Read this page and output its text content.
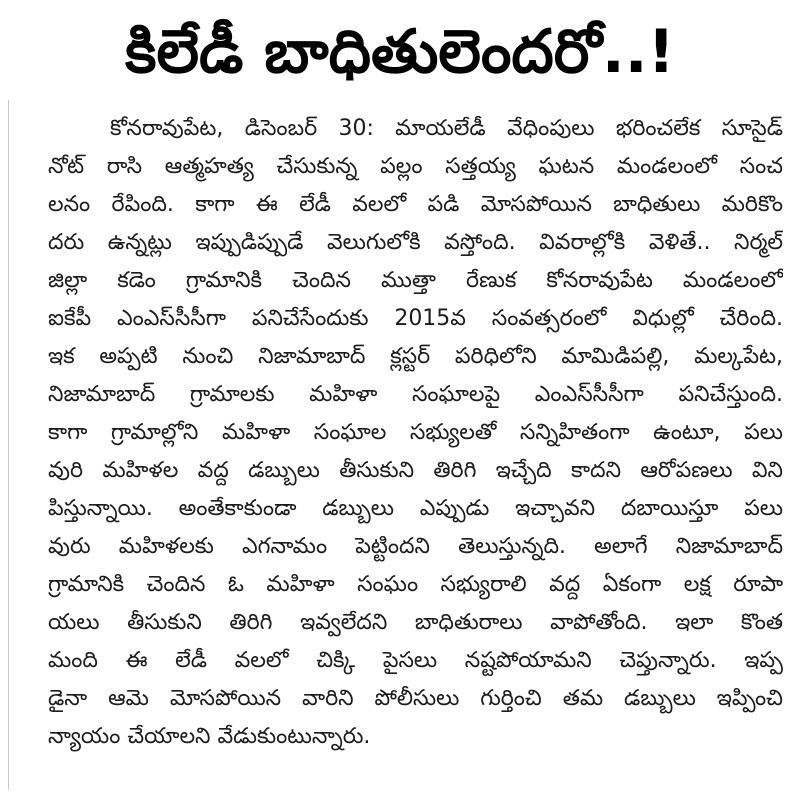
కిలేడీ బాధితులెందరో..!
కోనరావుపేట, డిసెంబర్ 30: మాయలేడీ వేధింపులు భరించలేక సూసైడ్
నోట్ రాసి ఆత్మహత్య చేసుకున్న పల్లం సత్తయ్య ఘటన మండలంలో సంచ
లనం రేపింది. కాగా ఈ లేడీ వలలో పడి మోసపోయిన బాధితులు మరికొం
దరు ఉన్నట్లు ఇప్పుడిప్పుడే వెలుగులోకి వస్తోంది. వివరాల్లోకి వెళితే.. నిర్మల్
జిల్లా కడెం గ్రామానికి చెందిన ముత్తా రేణుక కోనరావుపేట మండలంలో
ఐకేపీ ఎంఎస్‌సీసీగా పనిచేసేందుకు 2015వ సంవత్సరంలో విధుల్లో చేరింది.
ఇక అప్పటి నుంచి నిజామాబాద్ క్లస్టర్ పరిధిలోని మామిడిపల్లి, మల్కపేట,
నిజామాబాద్ గ్రామాలకు మహిళా సంఘాలపై ఎంఎస్‌సీసీగా పనిచేస్తుంది.
కాగా గ్రామాల్లోని మహిళా సంఘాల సభ్యులతో సన్నిహితంగా ఉంటూ, పలు
వురి మహిళల వద్ద డబ్బులు తీసుకుని తిరిగి ఇచ్చేది కాదని ఆరోపణలు విని
పిస్తున్నాయి. అంతేకాకుండా డబ్బులు ఎప్పుడు ఇచ్చావని దబాయిస్తూ పలు
వురు మహిళలకు ఎగనామం పెట్టిందని తెలుస్తున్నది. అలాగే నిజామాబాద్
గ్రామానికి చెందిన ఓ మహిళా సంఘం సభ్యురాలి వద్ద ఏకంగా లక్ష రూపా
యలు తీసుకుని తిరిగి ఇవ్వలేదని బాధితురాలు వాపోతోంది. ఇలా కొంత
మంది ఈ లేడీ వలలో చిక్కి పైసలు నష్టపోయామని చెప్తున్నారు. ఇప్ప
డైనా ఆమె మోసపోయిన వారిని పోలీసులు గుర్తించి తమ డబ్బులు ఇప్పించి
న్యాయం చేయాలని వేడుకుంటున్నారు.
